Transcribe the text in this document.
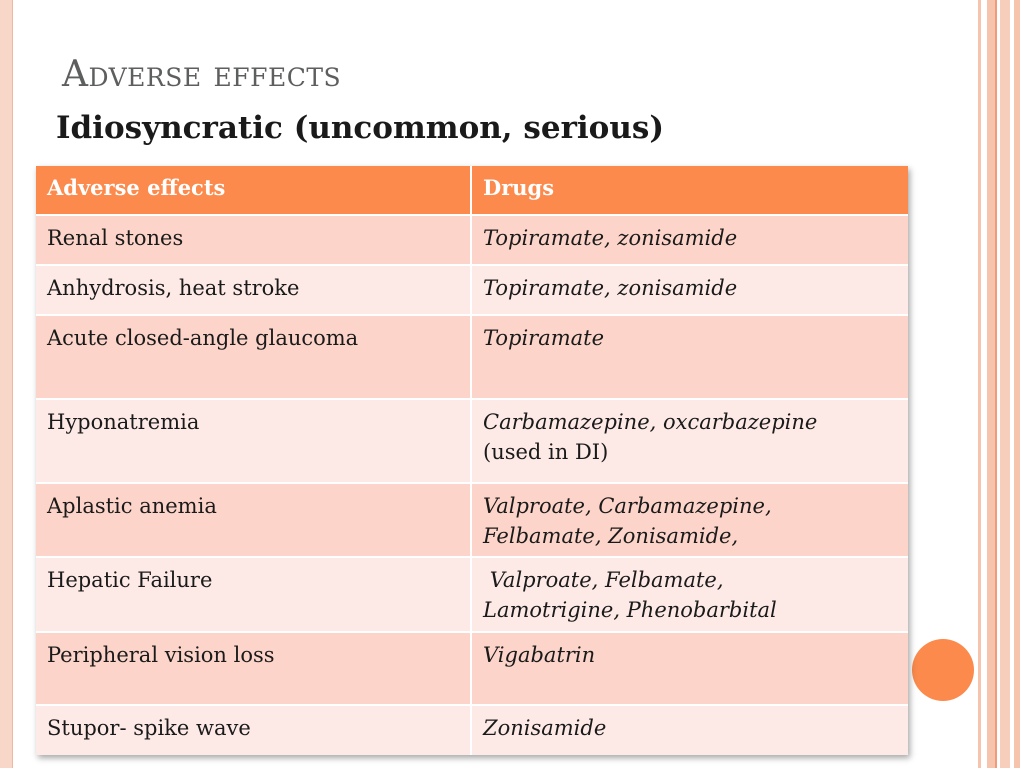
Adverse effects
Idiosyncratic (uncommon, serious)
Adverse effects	Drugs
Renal stones	Topiramate, zonisamide
Anhydrosis, heat stroke	Topiramate, zonisamide
Acute closed-angle glaucoma	Topiramate
Hyponatremia	Carbamazepine, oxcarbazepine
(used in DI)
Aplastic anemia	Valproate, Carbamazepine, Felbamate, Zonisamide,
Hepatic Failure	Valproate, Felbamate, Lamotrigine, Phenobarbital
Peripheral vision loss	Vigabatrin
Stupor- spike wave	Zonisamide
